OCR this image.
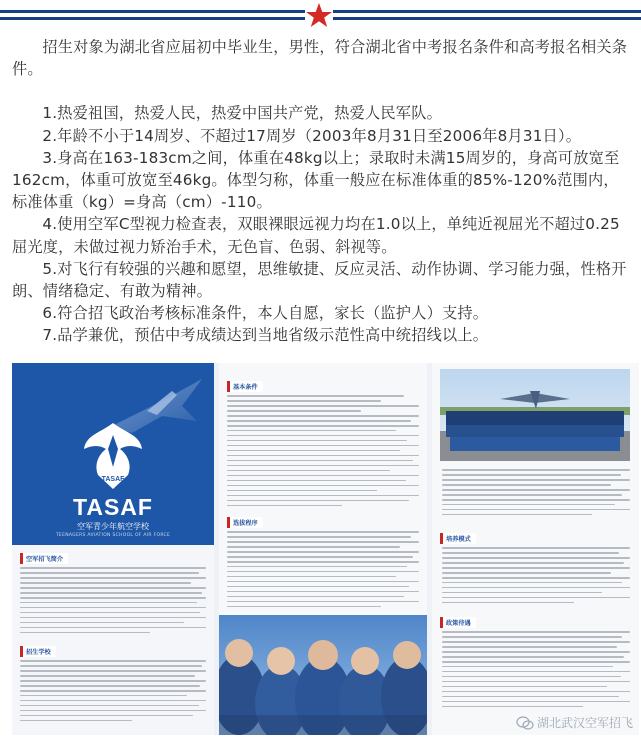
招生对象为湖北省应届初中毕业生，男性，符合湖北省中考报名条件和高考报名相关条件。

1.热爱祖国，热爱人民，热爱中国共产党，热爱人民军队。

2.年龄不小于14周岁、不超过17周岁（2003年8月31日至2006年8月31日）。

3.身高在163-183cm之间，体重在48kg以上；录取时未满15周岁的，身高可放宽至162cm，体重可放宽至46kg。体型匀称，体重一般应在标准体重的85%-120%范围内，标准体重（kg）=身高（cm）-110。

4.使用空军C型视力检查表，双眼裸眼远视力均在1.0以上，单纯近视屈光不超过0.25屈光度，未做过视力矫治手术，无色盲、色弱、斜视等。

5.对飞行有较强的兴趣和愿望，思维敏捷、反应灵活、动作协调、学习能力强，性格开朗、情绪稳定、有敢为精神。

6.符合招飞政治考核标准条件，本人自愿，家长（监护人）支持。

7.品学兼优，预估中考成绩达到当地省级示范性高中统招线以上。

TASAF
TASAF
空军青少年航空学校
TEENAGERS AVIATION SCHOOL OF AIR FORCE
空军招飞简介
招生学校
基本条件
选拔程序
培养模式
政策待遇
湖北武汉空军招飞
